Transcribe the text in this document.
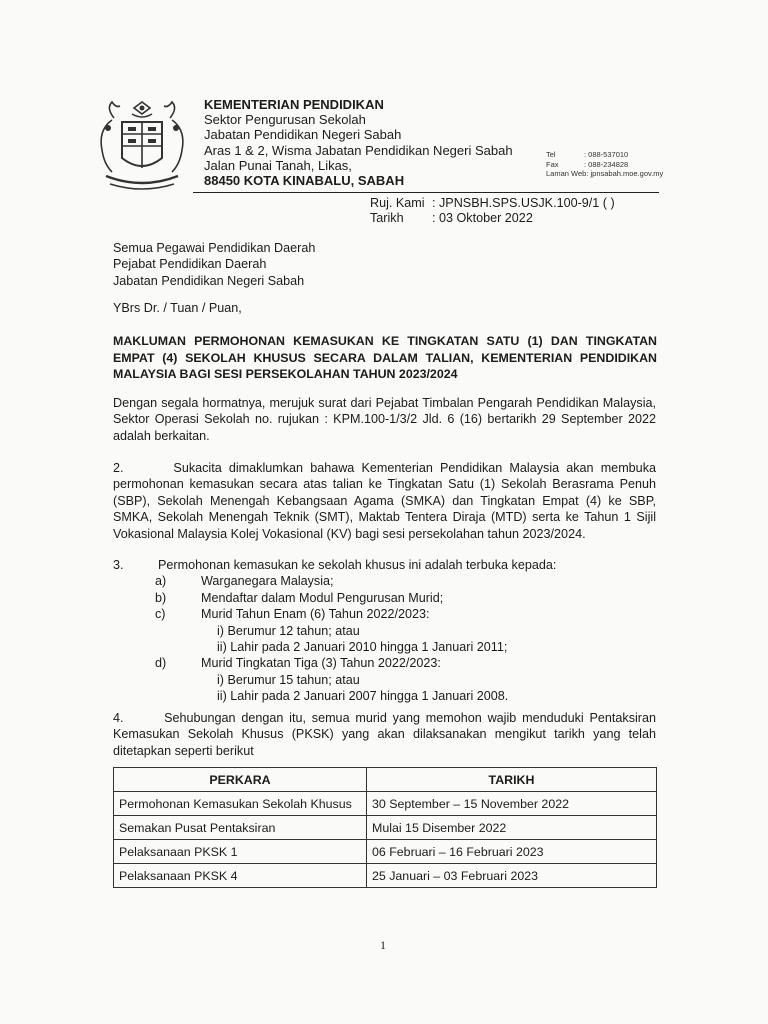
KEMENTERIAN PENDIDIKAN
Sektor Pengurusan Sekolah
Jabatan Pendidikan Negeri Sabah
Aras 1 & 2, Wisma Jabatan Pendidikan Negeri Sabah
Jalan Punai Tanah, Likas,
88450 KOTA KINABALU, SABAH
Tel	: 088-537010
Fax	: 088-234828
Laman Web:
jpnsabah.moe.gov.my
Ruj. Kami : JPNSBH.SPS.USJK.100-9/1 ( )
Tarikh	: 03 Oktober 2022
Semua Pegawai Pendidikan Daerah
Pejabat Pendidikan Daerah
Jabatan Pendidikan Negeri Sabah
YBrs Dr. / Tuan / Puan,
MAKLUMAN PERMOHONAN KEMASUKAN KE TINGKATAN SATU (1) DAN TINGKATAN EMPAT (4) SEKOLAH KHUSUS SECARA DALAM TALIAN, KEMENTERIAN PENDIDIKAN MALAYSIA BAGI SESI PERSEKOLAHAN TAHUN 2023/2024
Dengan segala hormatnya, merujuk surat dari Pejabat Timbalan Pengarah Pendidikan Malaysia, Sektor Operasi Sekolah no. rujukan : KPM.100-1/3/2 Jld. 6 (16) bertarikh 29 September 2022 adalah berkaitan.
2.       Sukacita dimaklumkan bahawa Kementerian Pendidikan Malaysia akan membuka permohonan kemasukan secara atas talian ke Tingkatan Satu (1) Sekolah Berasrama Penuh (SBP), Sekolah Menengah Kebangsaan Agama (SMKA) dan Tingkatan Empat (4) ke SBP, SMKA, Sekolah Menengah Teknik (SMT), Maktab Tentera Diraja (MTD) serta ke Tahun 1 Sijil Vokasional Malaysia Kolej Vokasional (KV) bagi sesi persekolahan tahun 2023/2024.
3.	Permohonan kemasukan ke sekolah khusus ini adalah terbuka kepada:
a)	Warganegara Malaysia;
b)	Mendaftar dalam Modul Pengurusan Murid;
c)	Murid Tahun Enam (6) Tahun 2022/2023:
i) Berumur 12 tahun; atau
ii) Lahir pada 2 Januari 2010 hingga 1 Januari 2011;
d)	Murid Tingkatan Tiga (3) Tahun 2022/2023:
i) Berumur 15 tahun; atau
ii) Lahir pada 2 Januari 2007 hingga 1 Januari 2008.
4.       Sehubungan dengan itu, semua murid yang memohon wajib menduduki Pentaksiran Kemasukan Sekolah Khusus (PKSK) yang akan dilaksanakan mengikut tarikh yang telah ditetapkan seperti berikut
PERKARA	TARIKH
Permohonan Kemasukan Sekolah Khusus	30 September – 15 November 2022
Semakan Pusat Pentaksiran	Mulai 15 Disember 2022
Pelaksanaan PKSK 1	06 Februari – 16 Februari 2023
Pelaksanaan PKSK 4	25 Januari – 03 Februari 2023
1
